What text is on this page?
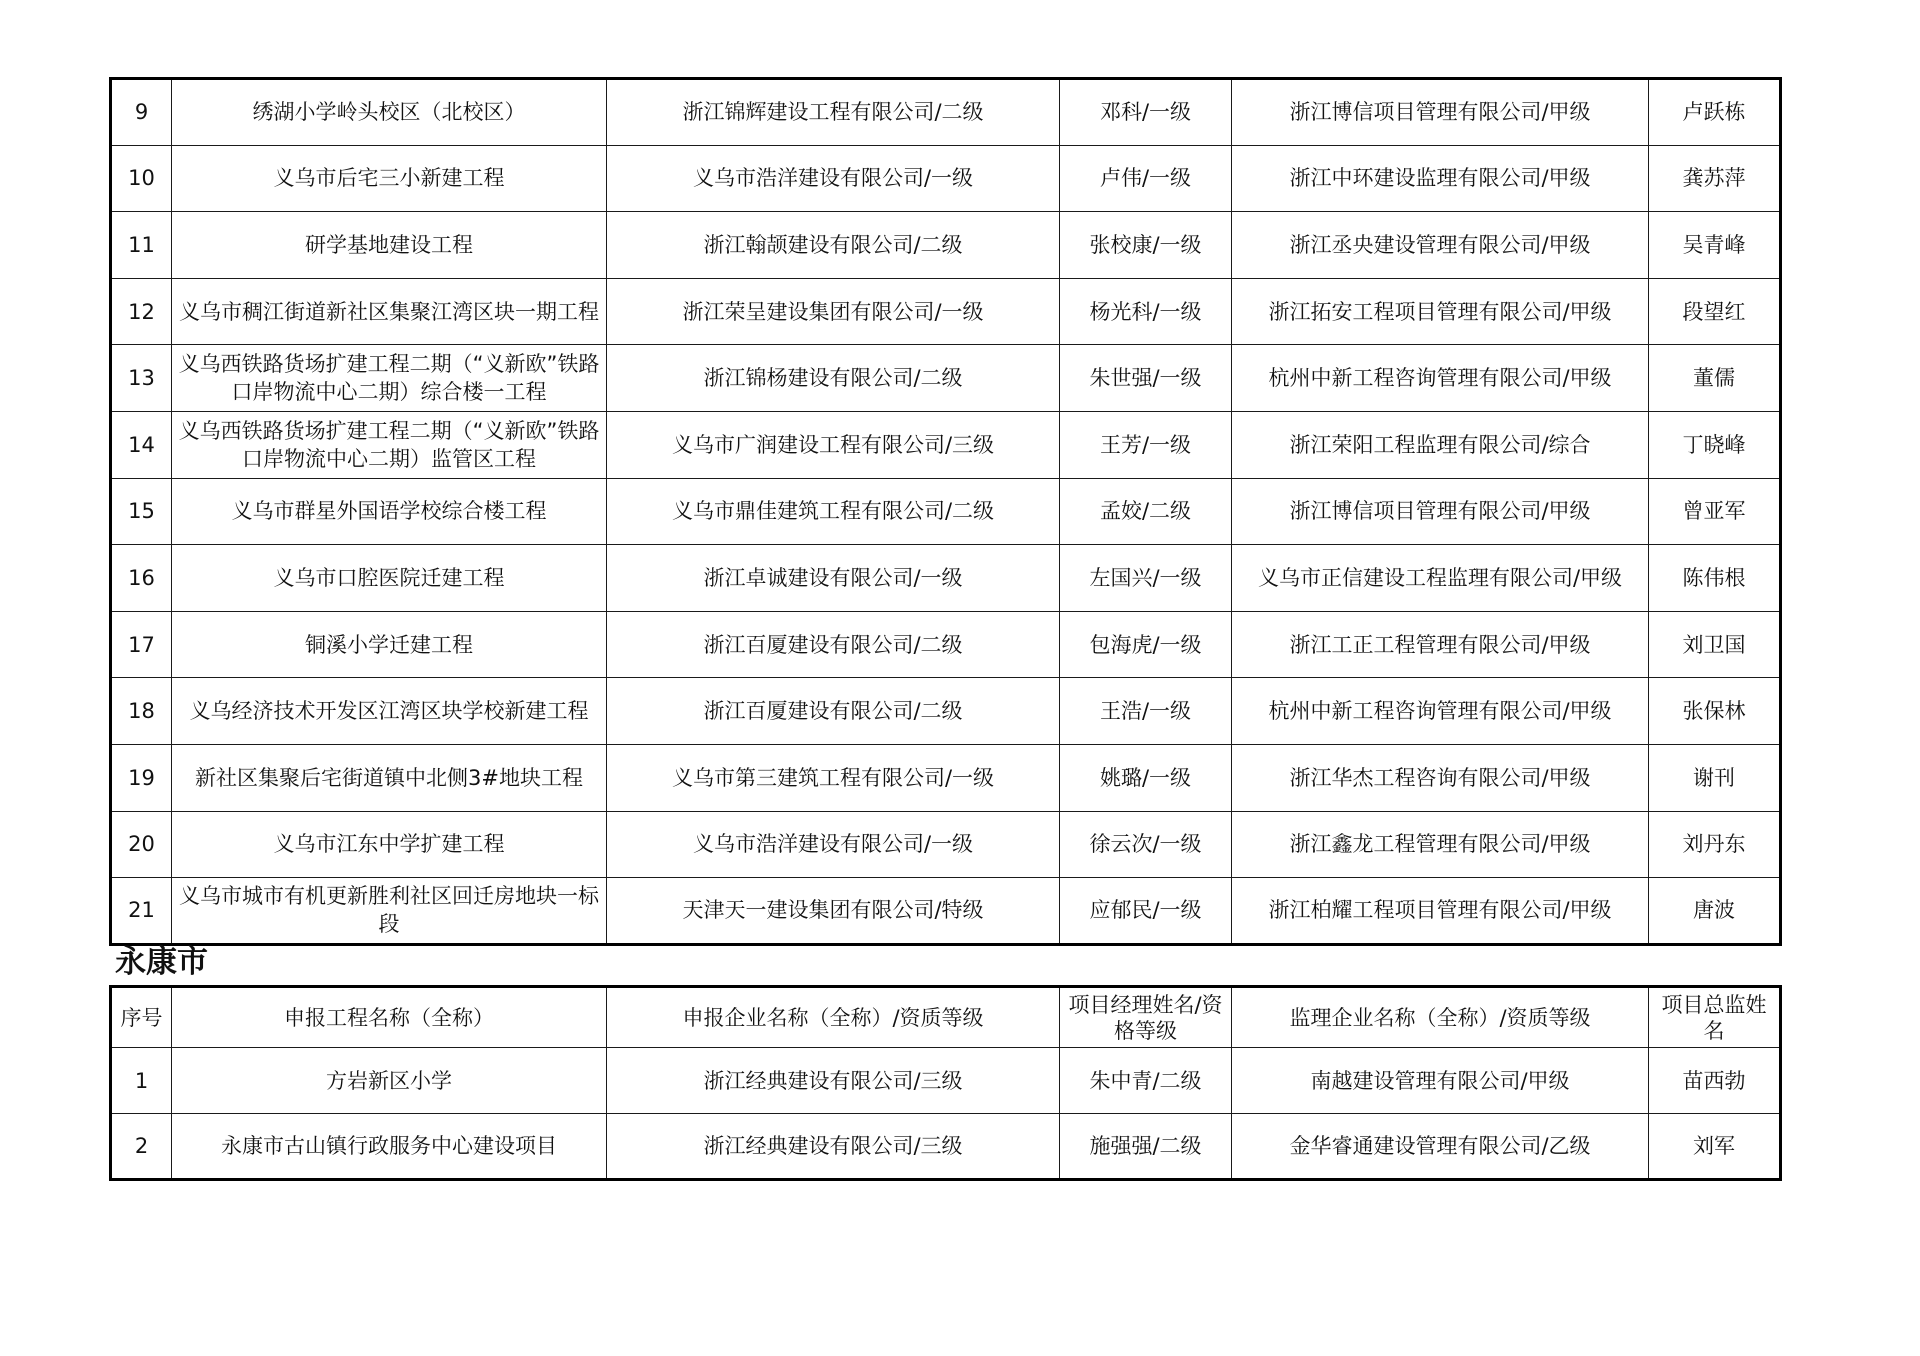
9	绣湖小学岭头校区（北校区）	浙江锦辉建设工程有限公司/二级	邓科/一级	浙江博信项目管理有限公司/甲级	卢跃栋
10	义乌市后宅三小新建工程	义乌市浩洋建设有限公司/一级	卢伟/一级	浙江中环建设监理有限公司/甲级	龚苏萍
11	研学基地建设工程	浙江翰颉建设有限公司/二级	张校康/一级	浙江丞央建设管理有限公司/甲级	吴青峰
12	义乌市稠江街道新社区集聚江湾区块一期工程	浙江荣呈建设集团有限公司/一级	杨光科/一级	浙江拓安工程项目管理有限公司/甲级	段望红
13	义乌西铁路货场扩建工程二期（“义新欧”铁路口岸物流中心二期）综合楼一工程	浙江锦杨建设有限公司/二级	朱世强/一级	杭州中新工程咨询管理有限公司/甲级	董儒
14	义乌西铁路货场扩建工程二期（“义新欧”铁路口岸物流中心二期）监管区工程	义乌市广润建设工程有限公司/三级	王芳/一级	浙江荣阳工程监理有限公司/综合	丁晓峰
15	义乌市群星外国语学校综合楼工程	义乌市鼎佳建筑工程有限公司/二级	孟姣/二级	浙江博信项目管理有限公司/甲级	曾亚军
16	义乌市口腔医院迁建工程	浙江卓诚建设有限公司/一级	左国兴/一级	义乌市正信建设工程监理有限公司/甲级	陈伟根
17	铜溪小学迁建工程	浙江百厦建设有限公司/二级	包海虎/一级	浙江工正工程管理有限公司/甲级	刘卫国
18	义乌经济技术开发区江湾区块学校新建工程	浙江百厦建设有限公司/二级	王浩/一级	杭州中新工程咨询管理有限公司/甲级	张保林
19	新社区集聚后宅街道镇中北侧3#地块工程	义乌市第三建筑工程有限公司/一级	姚璐/一级	浙江华杰工程咨询有限公司/甲级	谢刊
20	义乌市江东中学扩建工程	义乌市浩洋建设有限公司/一级	徐云次/一级	浙江鑫龙工程管理有限公司/甲级	刘丹东
21	义乌市城市有机更新胜利社区回迁房地块一标段	天津天一建设集团有限公司/特级	应郁民/一级	浙江柏耀工程项目管理有限公司/甲级	唐波
永康市
序号	申报工程名称（全称）	申报企业名称（全称）/资质等级	项目经理姓名/资格等级	监理企业名称（全称）/资质等级	项目总监姓名
1	方岩新区小学	浙江经典建设有限公司/三级	朱中青/二级	南越建设管理有限公司/甲级	苗西勃
2	永康市古山镇行政服务中心建设项目	浙江经典建设有限公司/三级	施强强/二级	金华睿通建设管理有限公司/乙级	刘军
